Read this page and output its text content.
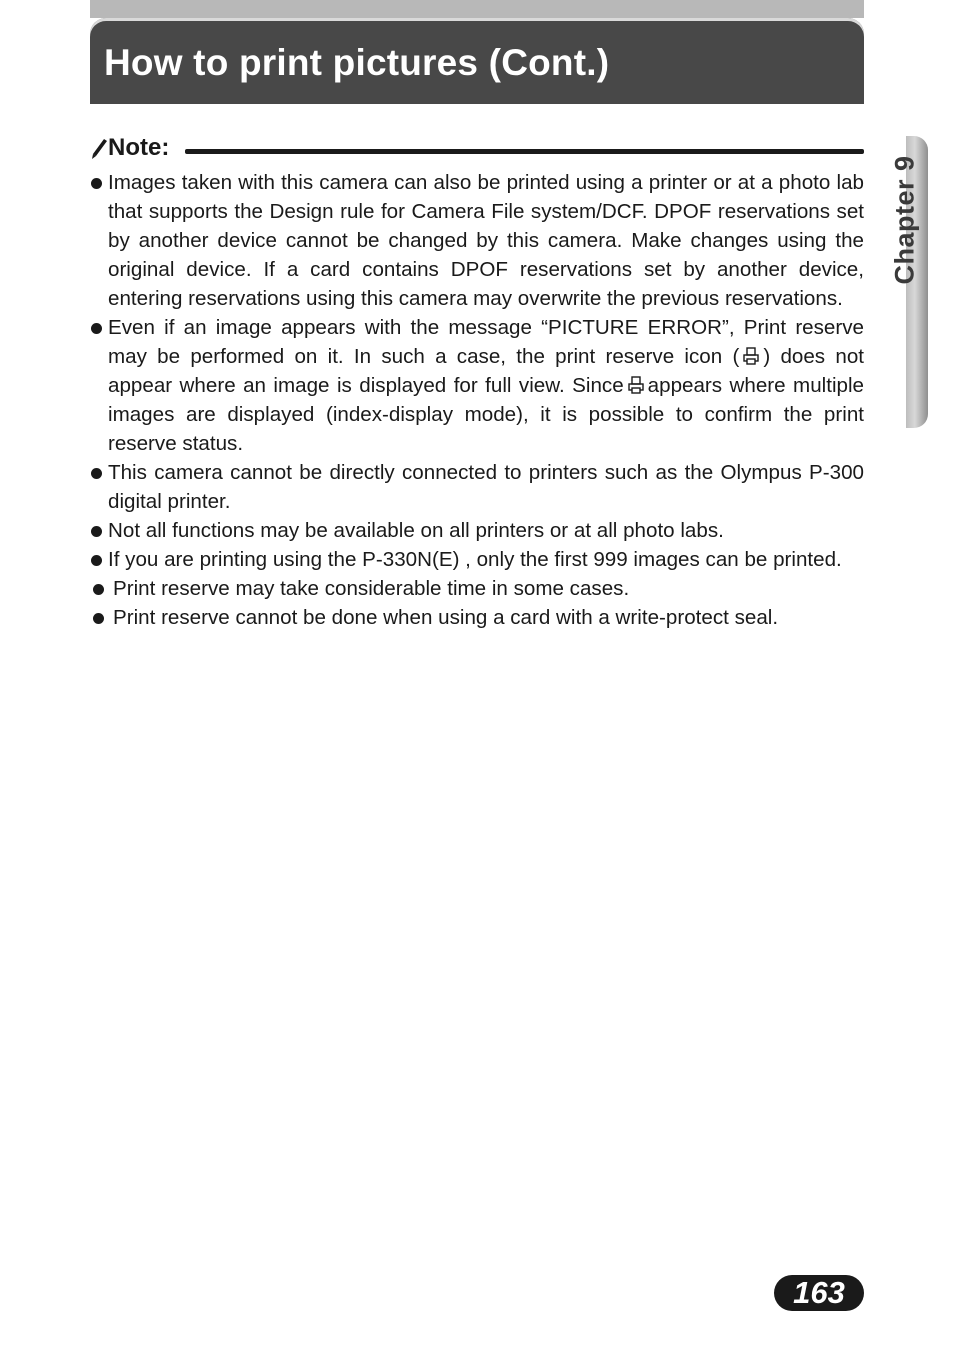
How to print pictures (Cont.)
Chapter 9
Note:
Images taken with this camera can also be printed using a printer or at a photo lab that supports the Design rule for Camera File system/DCF. DPOF reservations set by another device cannot be changed by this camera. Make changes using the original device. If a card contains DPOF reservations set by another device, entering reservations using this camera may overwrite the previous reservations.
Even if an image appears with the message “PICTURE ERROR”, Print reserve may be performed on it. In such a case, the print reserve icon ( ) does not appear where an image is displayed for full view. Since appears where multiple images are displayed (index-display mode), it is possible to confirm the print reserve status.
This camera cannot be directly connected to printers such as the Olympus P-300 digital printer.
Not all functions may be available on all printers or at all photo labs.
If you are printing using the P-330N(E) , only the first 999 images can be printed.
Print reserve may take considerable time in some cases.
Print reserve cannot be done when using a card with a write-protect seal.
163
